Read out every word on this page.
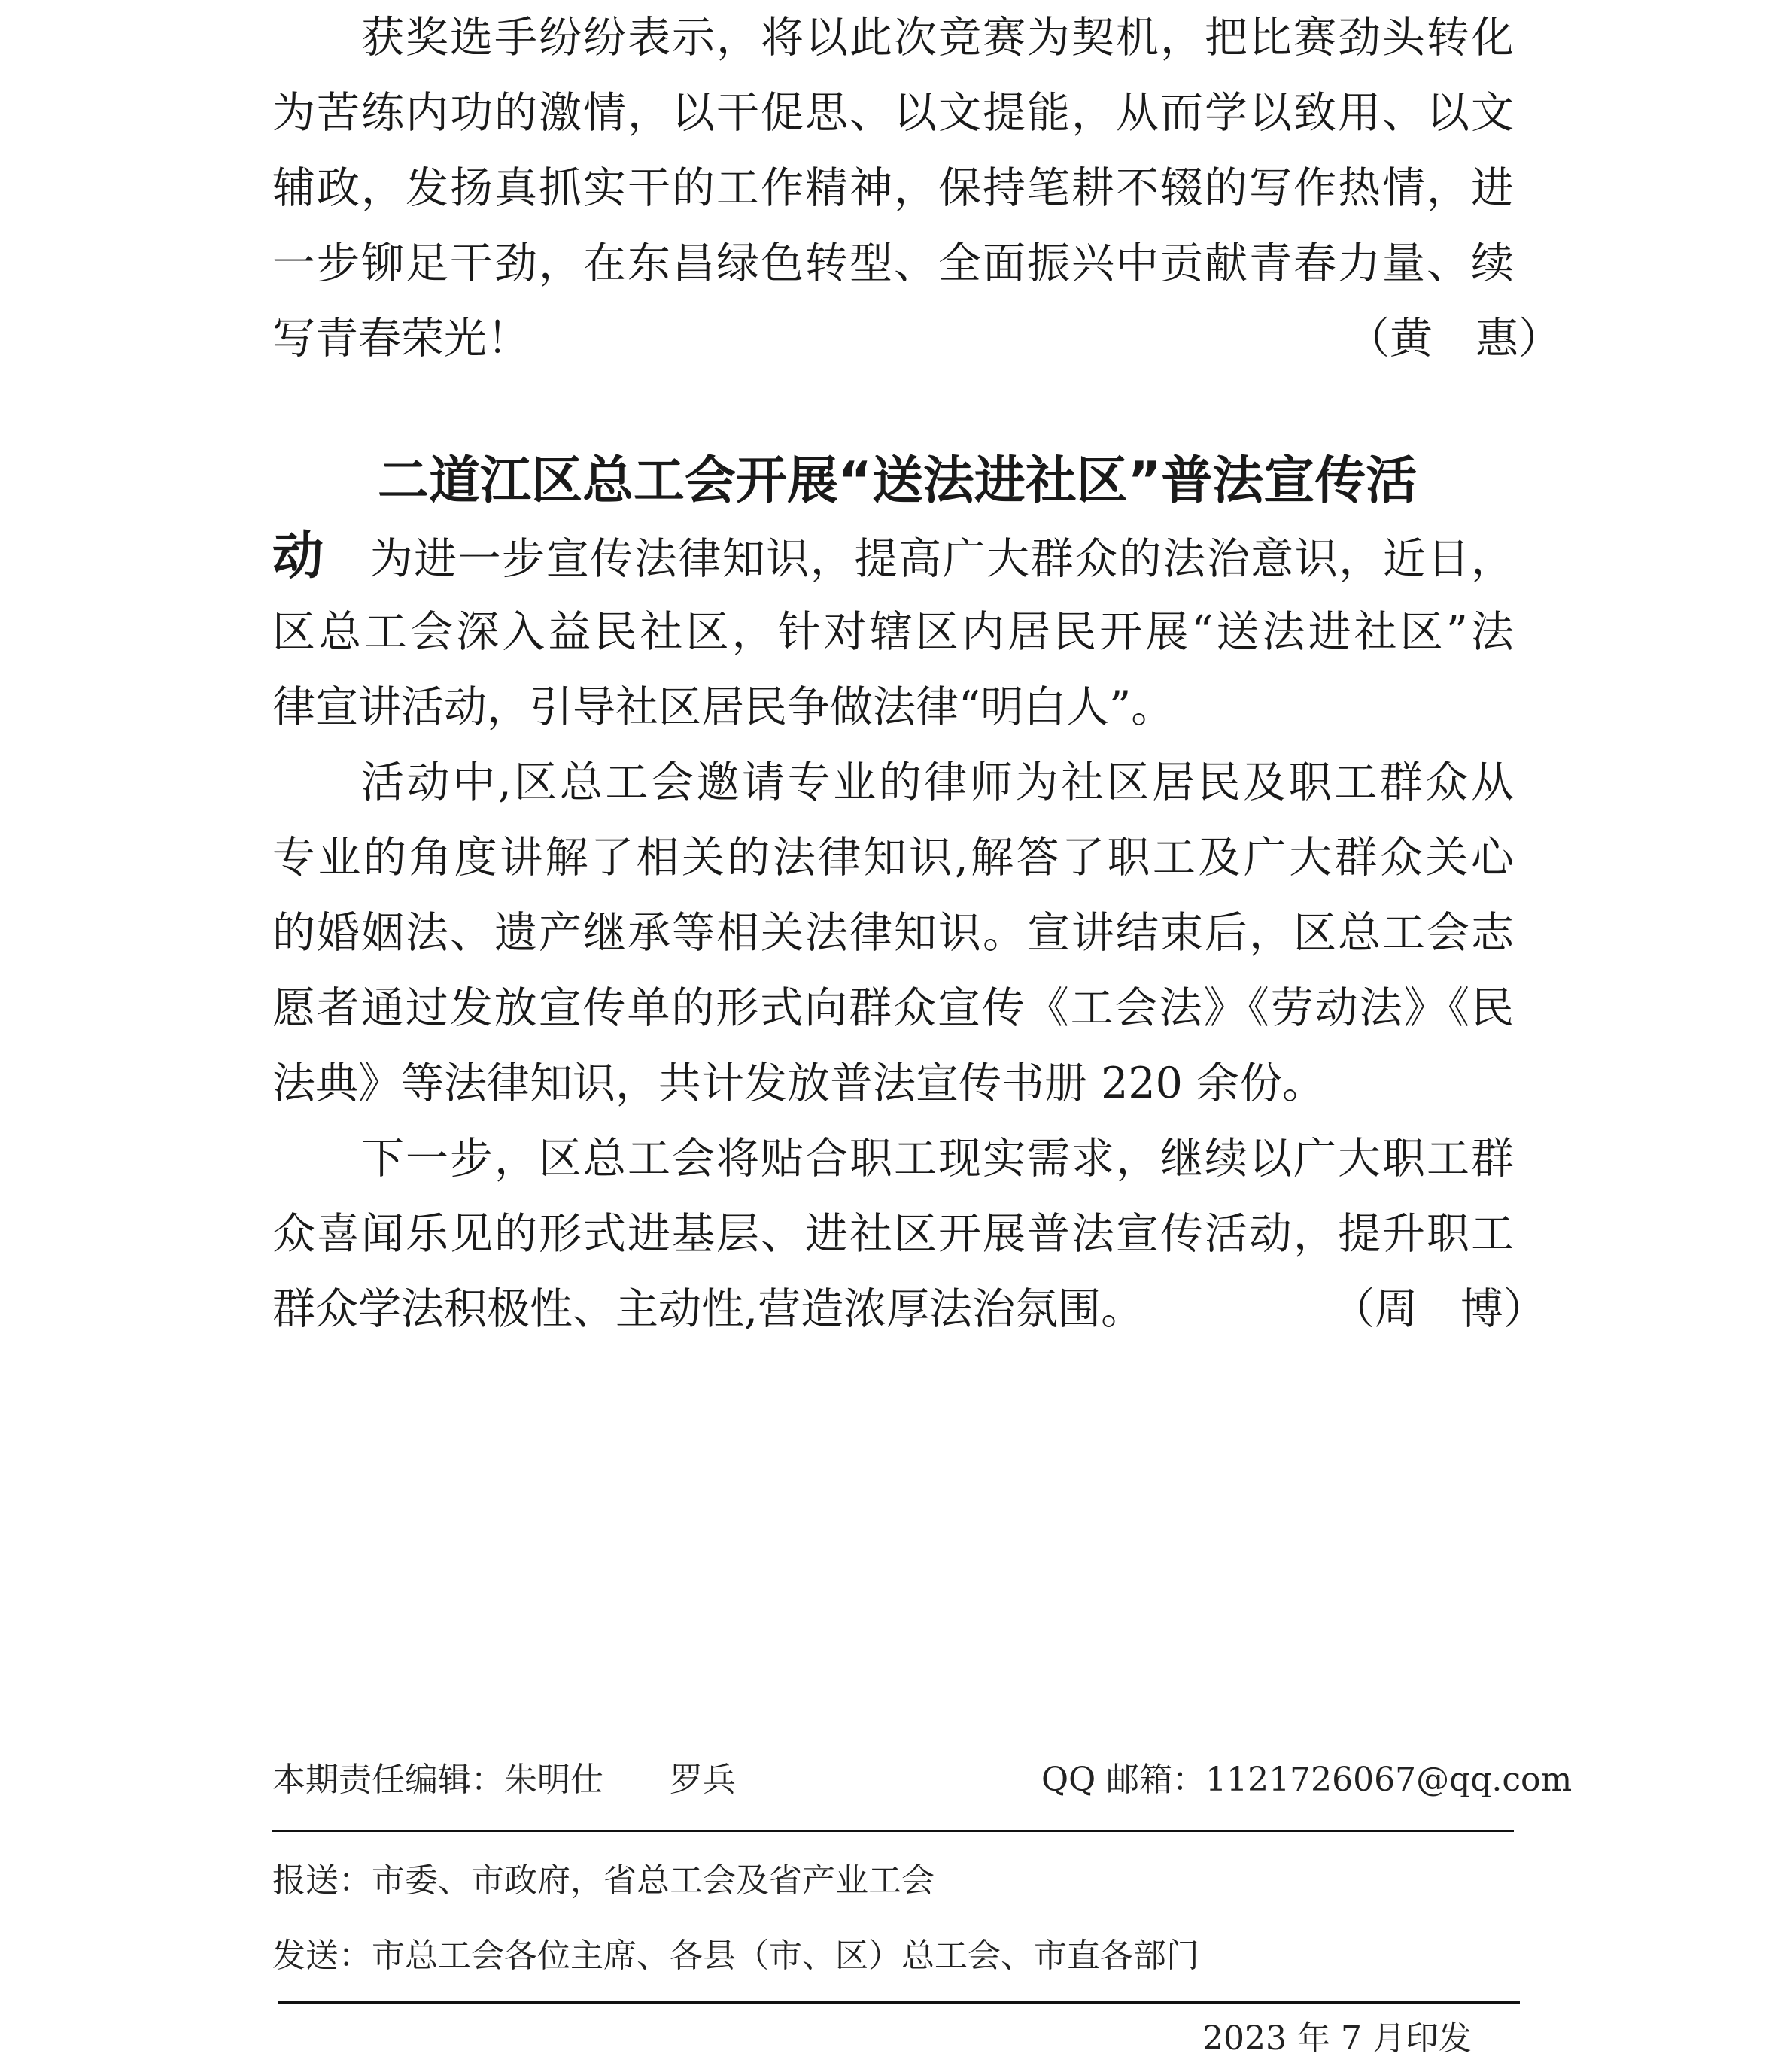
获奖选手纷纷表示，将以此次竞赛为契机，把比赛劲头转化

为苦练内功的激情，以干促思、以文提能，从而学以致用、以文

辅政，发扬真抓实干的工作精神，保持笔耕不辍的写作热情，进

一步铆足干劲，在东昌绿色转型、全面振兴中贡献青春力量、续

写青春荣光！	（黄　惠）
二道江区总工会开展“送法进社区”普法宣传活

动 为进一步宣传法律知识，提高广大群众的法治意识，近日，

区总工会深入益民社区，针对辖区内居民开展“送法进社区”法

律宣讲活动，引导社区居民争做法律“明白人”。

活动中,区总工会邀请专业的律师为社区居民及职工群众从

专业的角度讲解了相关的法律知识,解答了职工及广大群众关心

的婚姻法、遗产继承等相关法律知识。宣讲结束后，区总工会志

愿者通过发放宣传单的形式向群众宣传《工会法》《劳动法》《民

法典》等法律知识，共计发放普法宣传书册 220 余份。

下一步，区总工会将贴合职工现实需求，继续以广大职工群

众喜闻乐见的形式进基层、进社区开展普法宣传活动，提升职工

群众学法积极性、主动性,营造浓厚法治氛围。	（周　博）
本期责任编辑：朱明仕　　罗兵	QQ 邮箱：1121726067@qq.com
报送：市委、市政府，省总工会及省产业工会
发送：市总工会各位主席、各县（市、区）总工会、市直各部门
2023 年 7 月印发
